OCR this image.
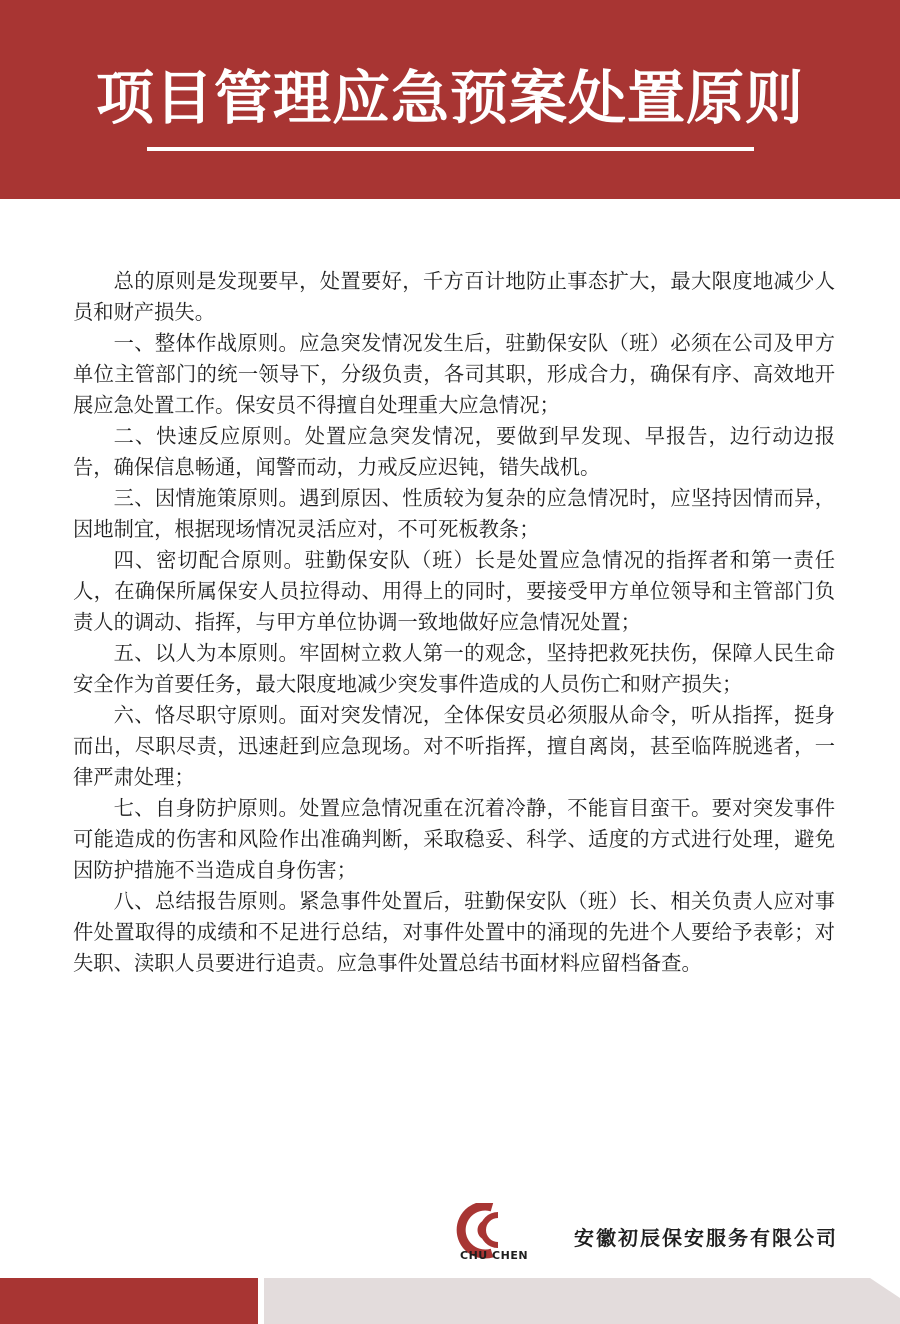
项目管理应急预案处置原则

总的原则是发现要早，处置要好，千方百计地防止事态扩大，最大限度地减少人员和财产损失。

一、整体作战原则。应急突发情况发生后，驻勤保安队（班）必须在公司及甲方单位主管部门的统一领导下，分级负责，各司其职，形成合力，确保有序、高效地开展应急处置工作。保安员不得擅自处理重大应急情况；

二、快速反应原则。处置应急突发情况，要做到早发现、早报告，边行动边报告，确保信息畅通，闻警而动，力戒反应迟钝，错失战机。

三、因情施策原则。遇到原因、性质较为复杂的应急情况时，应坚持因情而异，因地制宜，根据现场情况灵活应对，不可死板教条；

四、密切配合原则。驻勤保安队（班）长是处置应急情况的指挥者和第一责任人，在确保所属保安人员拉得动、用得上的同时，要接受甲方单位领导和主管部门负责人的调动、指挥，与甲方单位协调一致地做好应急情况处置；

五、以人为本原则。牢固树立救人第一的观念，坚持把救死扶伤，保障人民生命安全作为首要任务，最大限度地减少突发事件造成的人员伤亡和财产损失；

六、恪尽职守原则。面对突发情况，全体保安员必须服从命令，听从指挥，挺身而出，尽职尽责，迅速赶到应急现场。对不听指挥，擅自离岗，甚至临阵脱逃者，一律严肃处理；

七、自身防护原则。处置应急情况重在沉着冷静，不能盲目蛮干。要对突发事件可能造成的伤害和风险作出准确判断，采取稳妥、科学、适度的方式进行处理，避免因防护措施不当造成自身伤害；

八、总结报告原则。紧急事件处置后，驻勤保安队（班）长、相关负责人应对事件处置取得的成绩和不足进行总结，对事件处置中的涌现的先进个人要给予表彰；对失职、渎职人员要进行追责。应急事件处置总结书面材料应留档备查。

CHU CHEN
安徽初辰保安服务有限公司
